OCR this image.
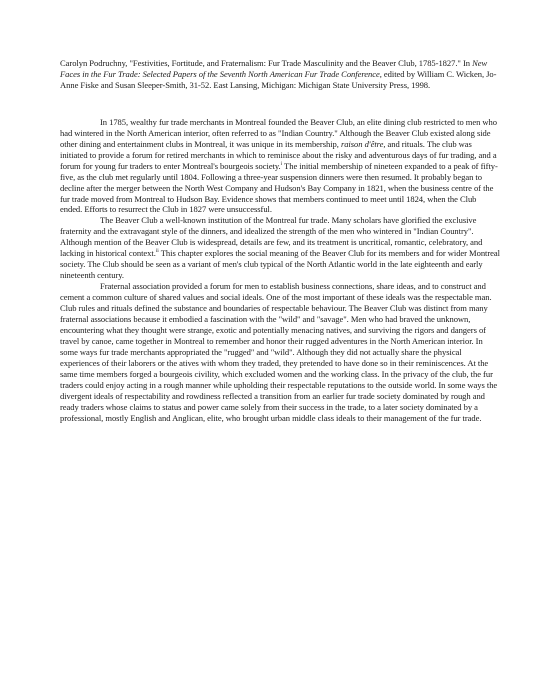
Carolyn Podruchny, "Festivities, Fortitude, and Fraternalism: Fur Trade Masculinity and the Beaver Club, 1785-1827." In New Faces in the Fur Trade: Selected Papers of the Seventh North American Fur Trade Conference, edited by William C. Wicken, Jo-Anne Fiske and Susan Sleeper-Smith, 31-52. East Lansing, Michigan: Michigan State University Press, 1998.

In 1785, wealthy fur trade merchants in Montreal founded the Beaver Club, an elite dining club restricted to men who had wintered in the North American interior, often referred to as "Indian Country." Although the Beaver Club existed along side other dining and entertainment clubs in Montreal, it was unique in its membership, raison d'être, and rituals. The club was initiated to provide a forum for retired merchants in which to reminisce about the risky and adventurous days of fur trading, and a forum for young fur traders to enter Montreal's bourgeois society.$^i$ The initial membership of nineteen expanded to a peak of fifty-five, as the club met regularly until 1804. Following a three-year suspension dinners were then resumed. It probably began to decline after the merger between the North West Company and Hudson's Bay Company in 1821, when the business centre of the fur trade moved from Montreal to Hudson Bay. Evidence shows that members continued to meet until 1824, when the Club ended. Efforts to resurrect the Club in 1827 were unsuccessful.

The Beaver Club a well-known institution of the Montreal fur trade. Many scholars have glorified the exclusive fraternity and the extravagant style of the dinners, and idealized the strength of the men who wintered in "Indian Country". Although mention of the Beaver Club is widespread, details are few, and its treatment is uncritical, romantic, celebratory, and lacking in historical context.$^{ii}$ This chapter explores the social meaning of the Beaver Club for its members and for wider Montreal society. The Club should be seen as a variant of men's club typical of the North Atlantic world in the late eighteenth and early nineteenth century.

Fraternal association provided a forum for men to establish business connections, share ideas, and to construct and cement a common culture of shared values and social ideals. One of the most important of these ideals was the respectable man. Club rules and rituals defined the substance and boundaries of respectable behaviour. The Beaver Club was distinct from many fraternal associations because it embodied a fascination with the "wild" and "savage". Men who had braved the unknown, encountering what they thought were strange, exotic and potentially menacing natives, and surviving the rigors and dangers of travel by canoe, came together in Montreal to remember and honor their rugged adventures in the North American interior. In some ways fur trade merchants appropriated the "rugged" and "wild". Although they did not actually share the physical experiences of their laborers or the atives with whom they traded, they pretended to have done so in their reminiscences. At the same time members forged a bourgeois civility, which excluded women and the working class. In the privacy of the club, the fur traders could enjoy acting in a rough manner while upholding their respectable reputations to the outside world. In some ways the divergent ideals of respectability and rowdiness reflected a transition from an earlier fur trade society dominated by rough and ready traders whose claims to status and power came solely from their success in the trade, to a later society dominated by a professional, mostly English and Anglican, elite, who brought urban middle class ideals to their management of the fur trade.
